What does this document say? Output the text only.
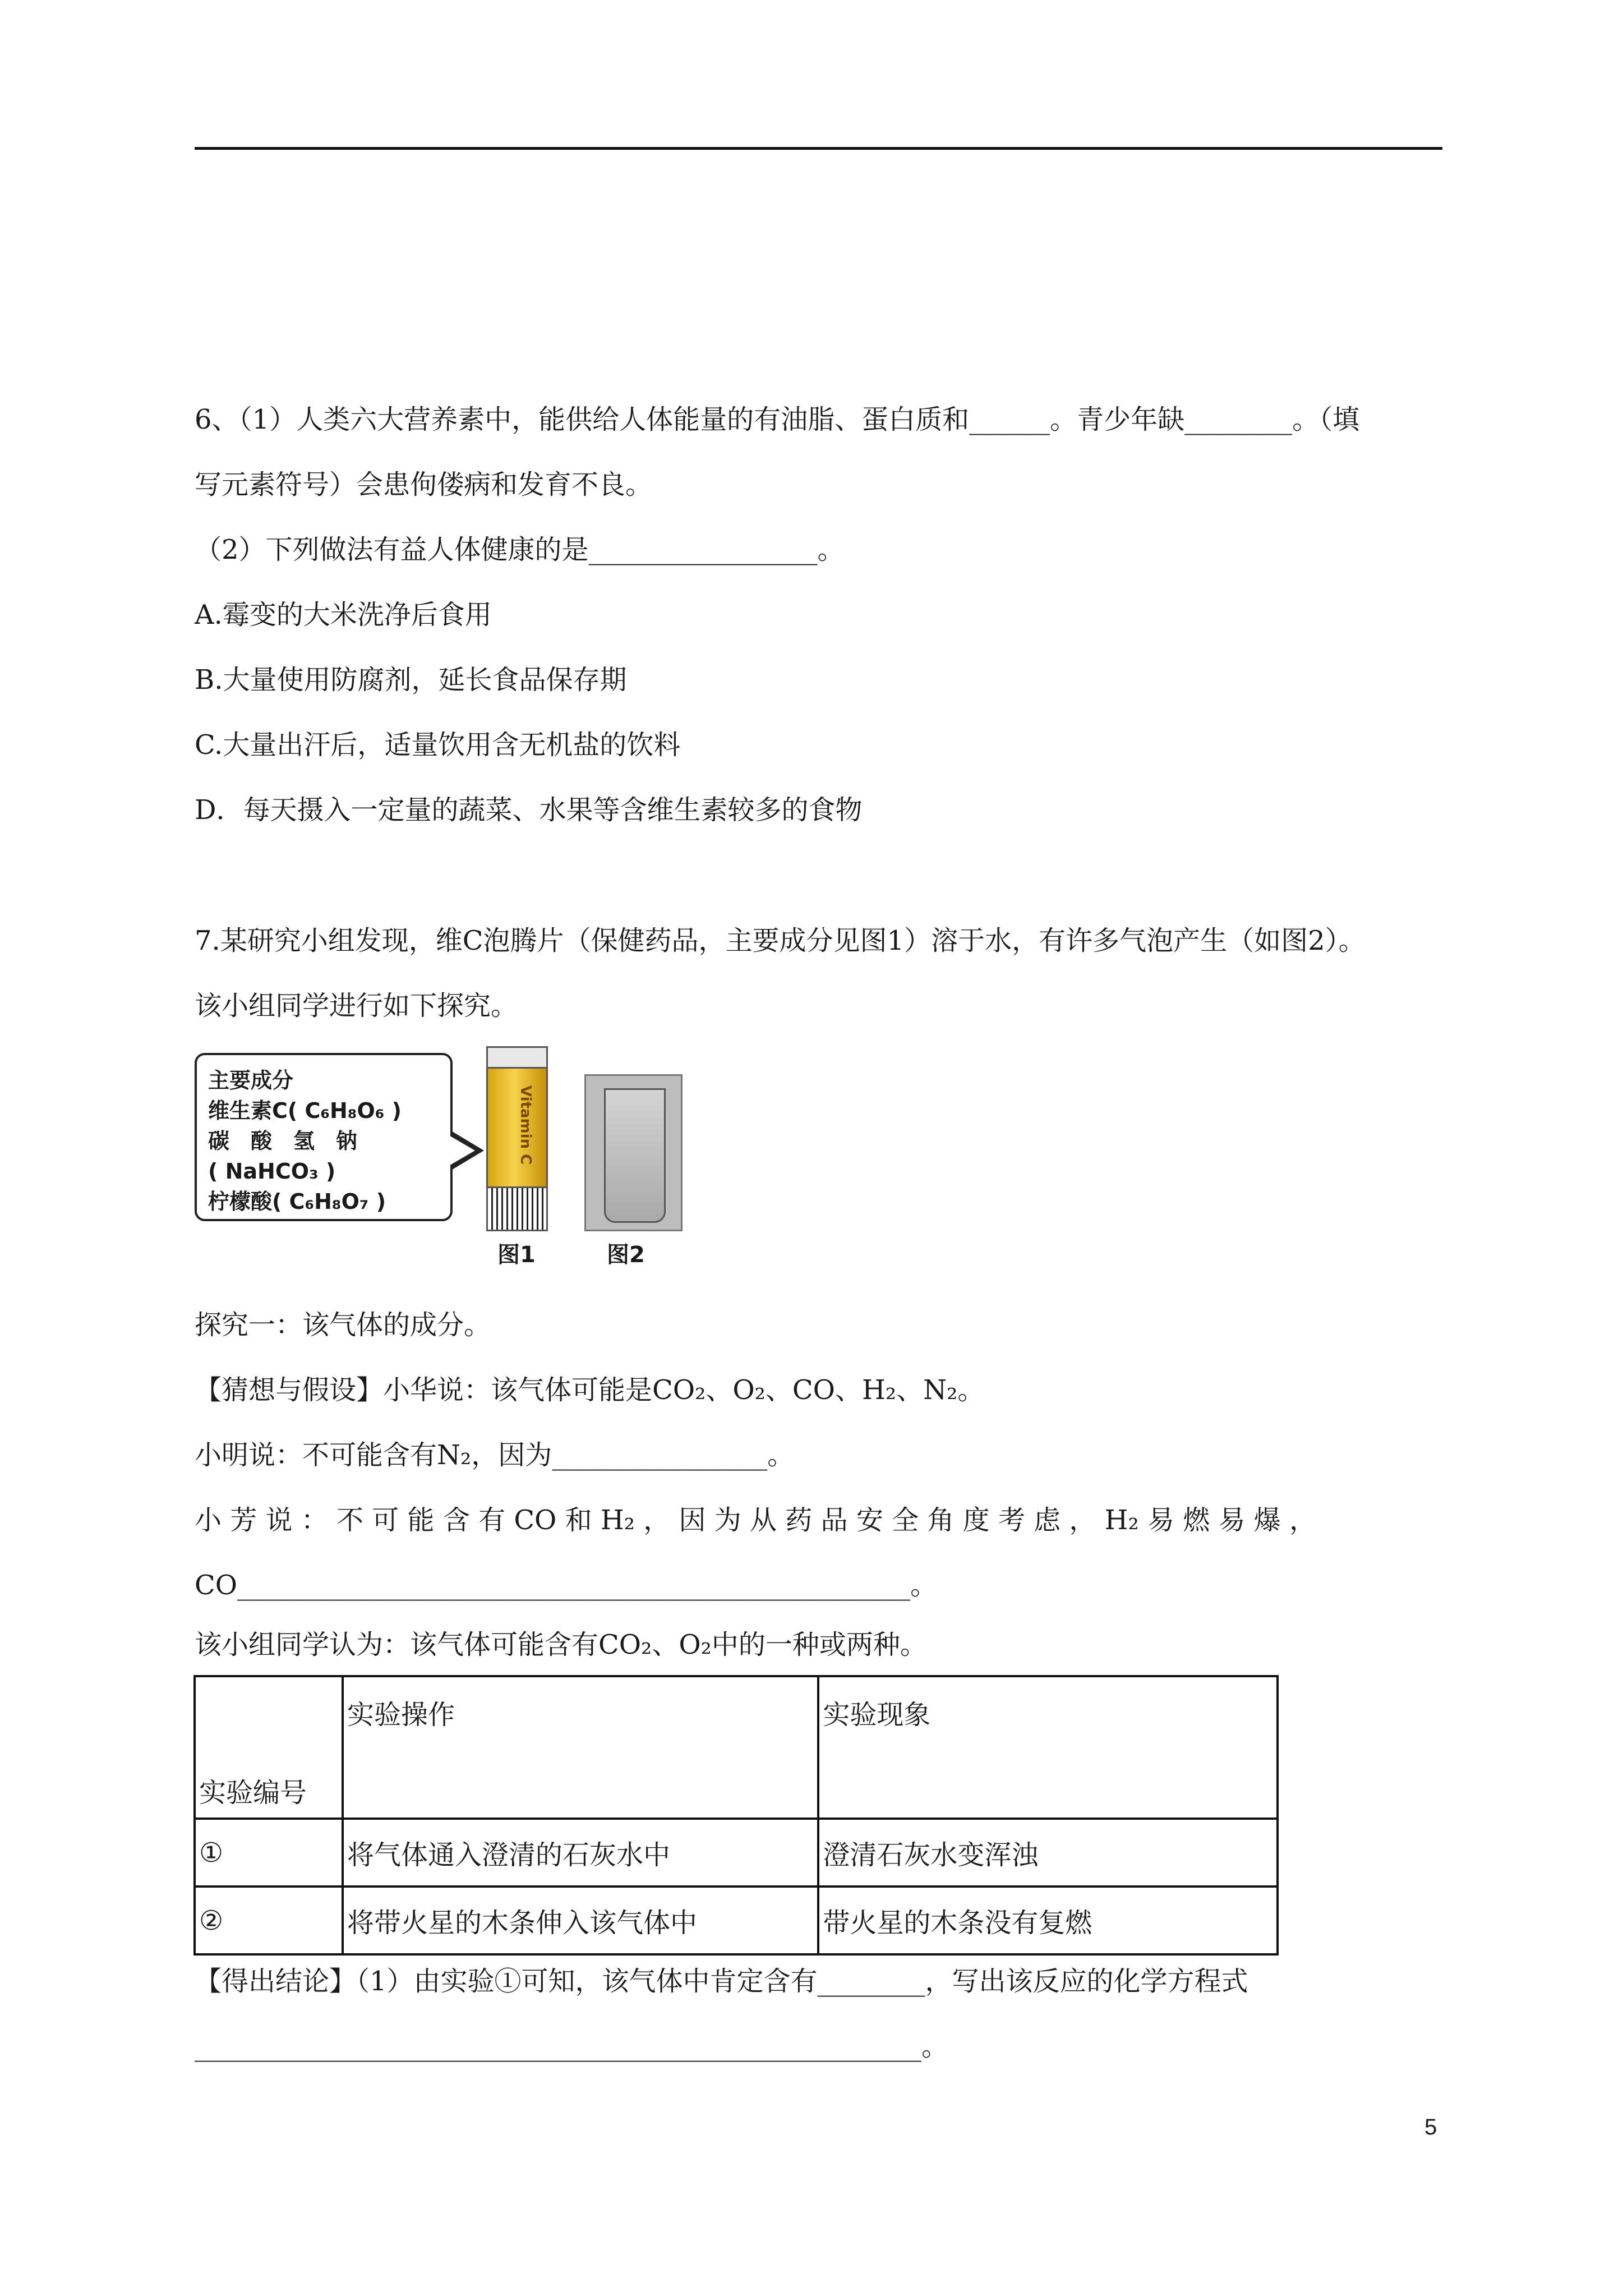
6、（1）人类六大营养素中，能供给人体能量的有油脂、蛋白质和______。青少年缺________。（填
写元素符号）会患佝偻病和发育不良。
（2）下列做法有益人体健康的是_________________。
A.霉变的大米洗净后食用
B.大量使用防腐剂，延长食品保存期
C.大量出汗后，适量饮用含无机盐的饮料
D．每天摄入一定量的蔬菜、水果等含维生素较多的食物
7.某研究小组发现，维C泡腾片（保健药品，主要成分见图1）溶于水，有许多气泡产生（如图2）。
该小组同学进行如下探究。
主要成分
维生素C( C₆H₈O₆ )
碳　酸　氢　钠
( NaHCO₃ )
柠檬酸( C₆H₈O₇ )
Vitamin C
图1	图2
探究一：该气体的成分。
【猜想与假设】小华说：该气体可能是CO₂、O₂、CO、H₂、N₂。
小明说：不可能含有N₂，因为________________。
小 芳 说 ： 不 可 能 含 有 CO 和 H₂ ， 因 为 从 药 品 安 全 角 度 考 虑 ， H₂ 易 燃 易 爆 ，
CO__________________________________________________。
该小组同学认为：该气体可能含有CO₂、O₂中的一种或两种。
实验编号	实验操作	实验现象
①	将气体通入澄清的石灰水中	澄清石灰水变浑浊
②	将带火星的木条伸入该气体中	带火星的木条没有复燃
【得出结论】（1）由实验①可知，该气体中肯定含有________，写出该反应的化学方程式
______________________________________________________。
5
